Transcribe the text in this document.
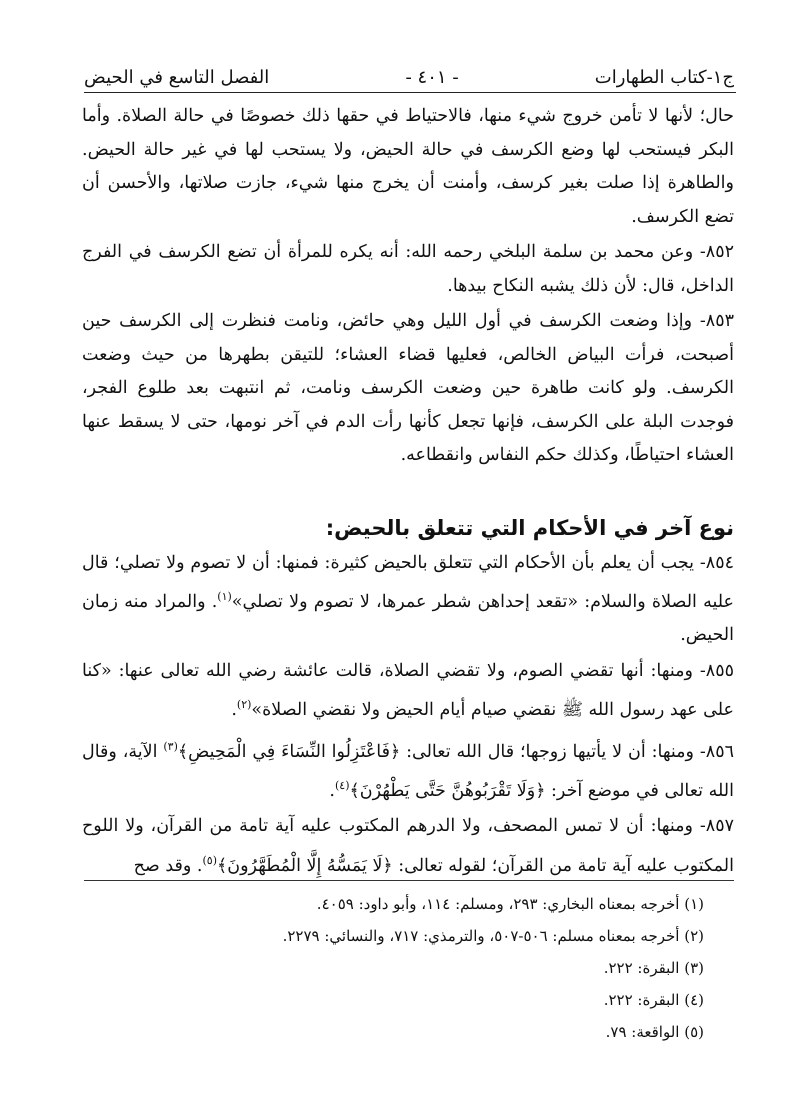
ج١-كتاب الطهارات
- ٤٠١ -
الفصل التاسع في الحيض

حال؛ لأنها لا تأمن خروج شيء منها، فالاحتياط في حقها ذلك خصوصًا في حالة الصلاة. وأما البكر فيستحب لها وضع الكرسف في حالة الحيض، ولا يستحب لها في غير حالة الحيض. والطاهرة إذا صلت بغير كرسف، وأمنت أن يخرج منها شيء، جازت صلاتها، والأحسن أن تضع الكرسف.

٨٥٢- وعن محمد بن سلمة البلخي رحمه الله: أنه يكره للمرأة أن تضع الكرسف في الفرج الداخل، قال: لأن ذلك يشبه النكاح بيدها.

٨٥٣- وإذا وضعت الكرسف في أول الليل وهي حائض، ونامت فنظرت إلى الكرسف حين أصبحت، فرأت البياض الخالص، فعليها قضاء العشاء؛ للتيقن بطهرها من حيث وضعت الكرسف. ولو كانت طاهرة حين وضعت الكرسف ونامت، ثم انتبهت بعد طلوع الفجر، فوجدت البلة على الكرسف، فإنها تجعل كأنها رأت الدم في آخر نومها، حتى لا يسقط عنها العشاء احتياطًا، وكذلك حكم النفاس وانقطاعه.

نوع آخر في الأحكام التي تتعلق بالحيض:

٨٥٤- يجب أن يعلم بأن الأحكام التي تتعلق بالحيض كثيرة: فمنها: أن لا تصوم ولا تصلي؛ قال عليه الصلاة والسلام: «تقعد إحداهن شطر عمرها، لا تصوم ولا تصلي»$^{(١)}$. والمراد منه زمان الحيض.

٨٥٥- ومنها: أنها تقضي الصوم، ولا تقضي الصلاة، قالت عائشة رضي الله تعالى عنها: «كنا على عهد رسول الله ﷺ نقضي صيام أيام الحيض ولا نقضي الصلاة»$^{(٢)}$.

٨٥٦- ومنها: أن لا يأتيها زوجها؛ قال الله تعالى: ﴿فَاعْتَزِلُوا النِّسَاءَ فِي الْمَحِيضِ﴾$^{(٣)}$ الآية، وقال الله تعالى في موضع آخر: ﴿وَلَا تَقْرَبُوهُنَّ حَتَّى يَطْهُرْنَ﴾$^{(٤)}$.

٨٥٧- ومنها: أن لا تمس المصحف، ولا الدرهم المكتوب عليه آية تامة من القرآن، ولا اللوح المكتوب عليه آية تامة من القرآن؛ لقوله تعالى: ﴿لَا يَمَسُّهُ إِلَّا الْمُطَهَّرُونَ﴾$^{(٥)}$. وقد صح

(١) أخرجه بمعناه البخاري: ٢٩٣، ومسلم: ١١٤، وأبو داود: ٤٠٥٩.
(٢) أخرجه بمعناه مسلم: ٥٠٦-٥٠٧، والترمذي: ٧١٧، والنسائي: ٢٢٧٩.
(٣) البقرة: ٢٢٢.
(٤) البقرة: ٢٢٢.
(٥) الواقعة: ٧٩.
